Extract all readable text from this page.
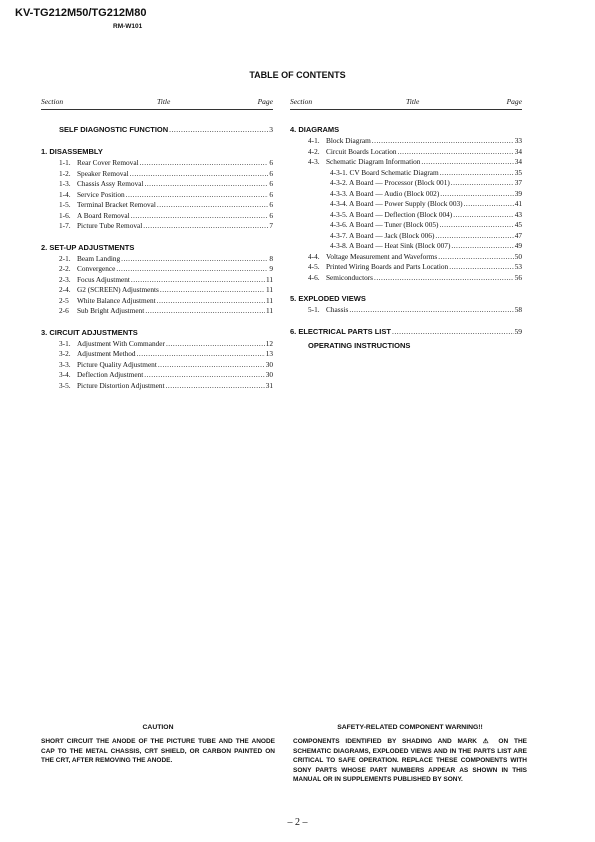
KV-TG212M50/TG212M80
RM-W101
TABLE OF CONTENTS
Section	Title	Page
SELF DIAGNOSTIC FUNCTION .....	3
1. DISASSEMBLY
1-1. Rear Cover Removal .....	6
1-2. Speaker Removal .....	6
1-3. Chassis Assy Removal .....	6
1-4. Service Position .....	6
1-5. Terminal Bracket Removal .....	6
1-6. A Board Removal .....	6
1-7. Picture Tube Removal .....	7
2. SET-UP ADJUSTMENTS
2-1. Beam Landing .....	8
2-2. Convergence .....	9
2-3. Focus Adjustment .....	11
2-4. G2 (SCREEN) Adjustments .....	11
2-5	White Balance Adjustment .....	11
2-6	Sub Bright Adjustment .....	11
3. CIRCUIT ADJUSTMENTS
3-1. Adjustment With Commander .....	12
3-2. Adjustment Method .....	13
3-3. Picture Quality Adjustment .....	30
3-4. Deflection Adjustment .....	30
3-5. Picture Distortion Adjustment .....	31
Section	Title	Page
4. DIAGRAMS
4-1. Block Diagram .....	33
4-2. Circuit Boards Location .....	34
4-3. Schematic Diagram Information .....	34
4-3-1. CV Board Schematic Diagram .....	35
4-3-2. A Board — Processor (Block 001) .....	37
4-3-3. A Board — Audio (Block 002) .....	39
4-3-4. A Board — Power Supply (Block 003) .....	41
4-3-5. A Board — Deflection (Block 004) .....	43
4-3-6. A Board — Tuner (Block 005) .....	45
4-3-7. A Board — Jack (Block 006) .....	47
4-3-8. A Board — Heat Sink (Block 007) .....	49
4-4. Voltage Measurement and Waveforms .....	50
4-5. Printed Wiring Boards and Parts Location .....	53
4-6. Semiconductors .....	56
5. EXPLODED VIEWS
5-1. Chassis .....	58
6. ELECTRICAL PARTS LIST .....	59
OPERATING INSTRUCTIONS
CAUTION
SHORT CIRCUIT THE ANODE OF THE PICTURE TUBE AND THE ANODE CAP TO THE METAL CHASSIS, CRT SHIELD, OR CARBON PAINTED ON THE CRT, AFTER REMOVING THE ANODE.
SAFETY-RELATED COMPONENT WARNING!!
COMPONENTS IDENTIFIED BY SHADING AND MARK ⚠ ON THE SCHEMATIC DIAGRAMS, EXPLODED VIEWS AND IN THE PARTS LIST ARE CRITICAL TO SAFE OPERATION. REPLACE THESE COMPONENTS WITH SONY PARTS WHOSE PART NUMBERS APPEAR AS SHOWN IN THIS MANUAL OR IN SUPPLEMENTS PUBLISHED BY SONY.
– 2 –
